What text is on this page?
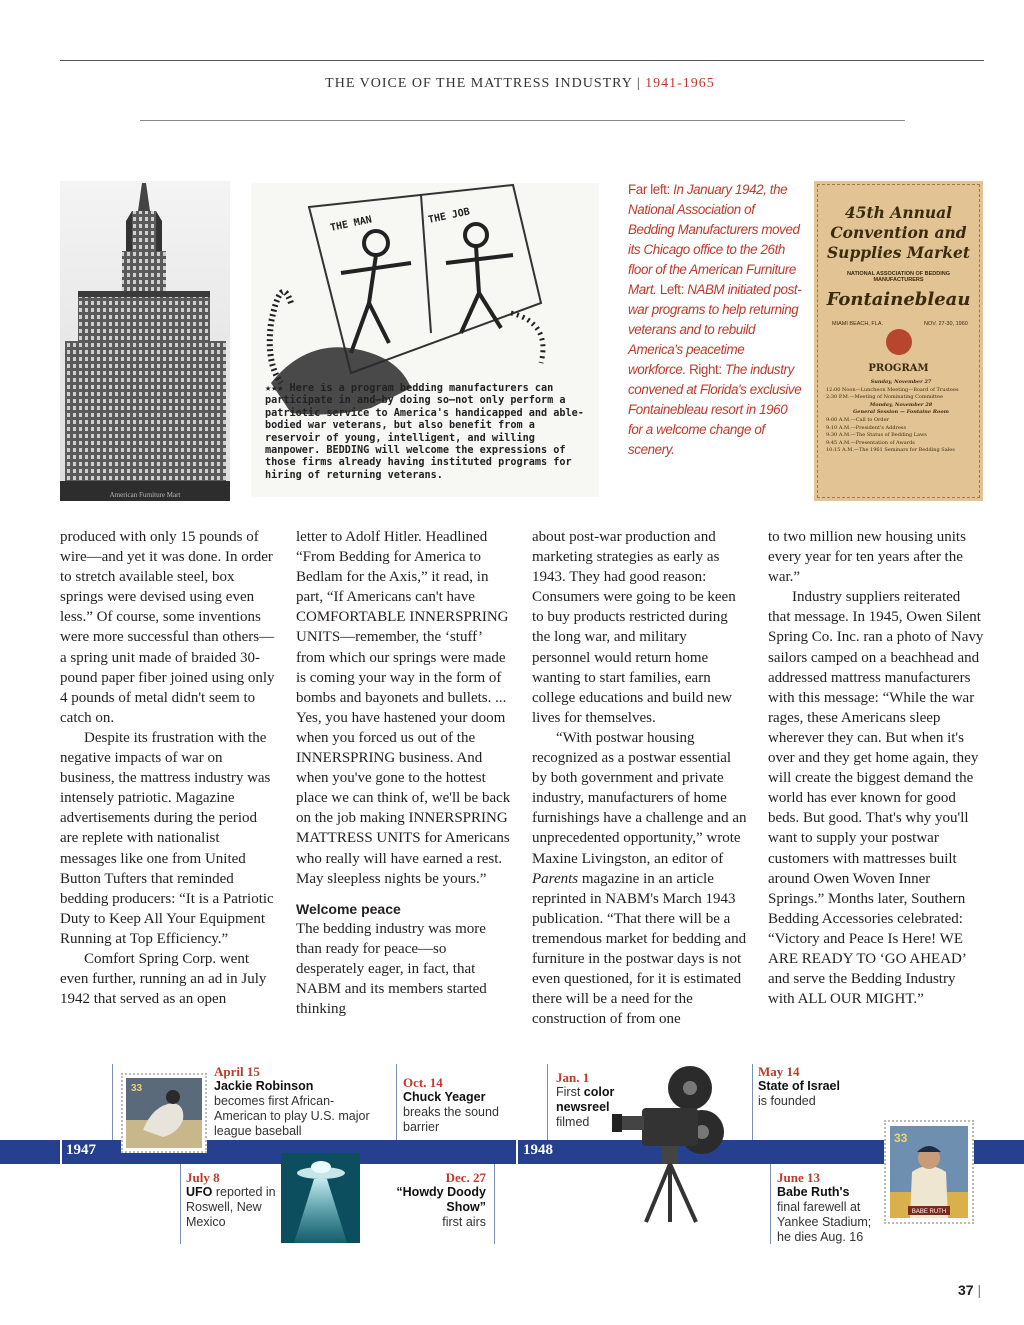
THE VOICE OF THE MATTRESS INDUSTRY | 1941-1965
American Furniture Mart
THE MAN	THE JOB
★★★ Here is a program bedding manufacturers can participate in and—by doing so—not only perform a patriotic service to America's handicapped and able-bodied war veterans, but also benefit from a reservoir of young, intelligent, and willing manpower. BEDDING will welcome the expressions of those firms already having instituted programs for hiring of returning veterans.
Far left: In January 1942, the National Association of Bedding Manufacturers moved its Chicago office to the 26th floor of the American Furniture Mart. Left: NABM initiated post-war programs to help returning veterans and to rebuild America's peacetime workforce. Right: The industry convened at Florida's exclusive Fontainebleau resort in 1960 for a welcome change of scenery.
45th Annual Convention and Supplies Market
NATIONAL ASSOCIATION OF BEDDING MANUFACTURERS
Fontainebleau
MIAMI BEACH, FLA.	NOV. 27-30, 1960
PROGRAM
Sunday, November 27
12:00 Noon—Luncheon Meeting—Board of Trustees
2:30 P.M.—Meeting of Nominating Committee
Monday, November 28
General Session — Fontaine Room
9:00 A.M.—Call to Order
9:10 A.M.—President's Address
9:30 A.M.—The Status of Bedding Laws
9:45 A.M.—Presentation of Awards
10:15 A.M.—The 1961 Seminars for Bedding Sales

produced with only 15 pounds of wire—and yet it was done. In order to stretch available steel, box springs were devised using even less.” Of course, some inventions were more successful than others—a spring unit made of braided 30-pound paper fiber joined using only 4 pounds of metal didn't seem to catch on.

Despite its frustration with the negative impacts of war on business, the mattress industry was intensely patriotic. Magazine advertisements during the period are replete with nationalist messages like one from United Button Tufters that reminded bedding producers: “It is a Patriotic Duty to Keep All Your Equipment Running at Top Efficiency.”

Comfort Spring Corp. went even further, running an ad in July 1942 that served as an open

letter to Adolf Hitler. Headlined “From Bedding for America to Bedlam for the Axis,” it read, in part, “If Americans can't have COMFORTABLE INNERSPRING UNITS—remember, the ‘stuff’ from which our springs were made is coming your way in the form of bombs and bayonets and bullets. ... Yes, you have hastened your doom when you forced us out of the INNERSPRING business. And when you've gone to the hottest place we can think of, we'll be back on the job making INNERSPRING MATTRESS UNITS for Americans who really will have earned a rest. May sleepless nights be yours.”

Welcome peace

The bedding industry was more than ready for peace—so desperately eager, in fact, that NABM and its members started thinking

about post-war production and marketing strategies as early as 1943. They had good reason: Consumers were going to be keen to buy products restricted during the long war, and military personnel would return home wanting to start families, earn college educations and build new lives for themselves.

“With postwar housing recognized as a postwar essential by both government and private industry, manufacturers of home furnishings have a challenge and an unprecedented opportunity,” wrote Maxine Livingston, an editor of Parents magazine in an article reprinted in NABM's March 1943 publication. “That there will be a tremendous market for bedding and furniture in the postwar days is not even questioned, for it is estimated there will be a need for the construction of from one

to two million new housing units every year for ten years after the war.”

Industry suppliers reiterated that message. In 1945, Owen Silent Spring Co. Inc. ran a photo of Navy sailors camped on a beachhead and addressed mattress manufacturers with this message: “While the war rages, these Americans sleep wherever they can. But when it's over and they get home again, they will create the biggest demand the world has ever known for good beds. But good. That's why you'll want to supply your postwar customers with mattresses built around Owen Woven Inner Springs.” Months later, Southern Bedding Accessories celebrated: “Victory and Peace Is Here! WE ARE READY TO ‘GO AHEAD’ and serve the Bedding Industry with ALL OUR MIGHT.”

1947	1948
33
April 15
Jackie Robinson
becomes first African-American to play U.S. major league baseball
Oct. 14
Chuck Yeager
breaks the sound barrier
Jan. 1
First color newsreel
filmed
May 14
State of Israel
is founded
33
BABE RUTH
July 8
UFO reported in Roswell, New Mexico
Dec. 27
“Howdy Doody Show”
first airs
June 13
Babe Ruth's
final farewell at Yankee Stadium; he dies Aug. 16
37 |
